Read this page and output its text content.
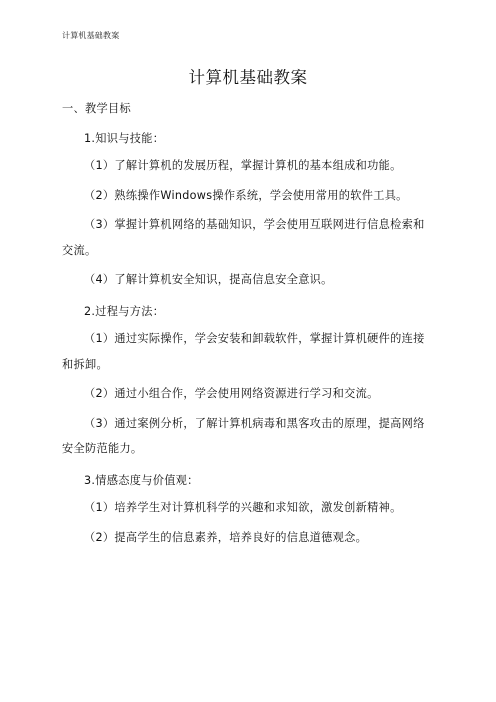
计算机基础教案
计算机基础教案

一、教学目标

1.知识与技能：

（1）了解计算机的发展历程，掌握计算机的基本组成和功能。

（2）熟练操作Windows操作系统，学会使用常用的软件工具。

（3）掌握计算机网络的基础知识，学会使用互联网进行信息检索和交流。

（4）了解计算机安全知识，提高信息安全意识。

2.过程与方法：

（1）通过实际操作，学会安装和卸载软件，掌握计算机硬件的连接和拆卸。

（2）通过小组合作，学会使用网络资源进行学习和交流。

（3）通过案例分析，了解计算机病毒和黑客攻击的原理，提高网络安全防范能力。

3.情感态度与价值观：

（1）培养学生对计算机科学的兴趣和求知欲，激发创新精神。

（2）提高学生的信息素养，培养良好的信息道德观念。
